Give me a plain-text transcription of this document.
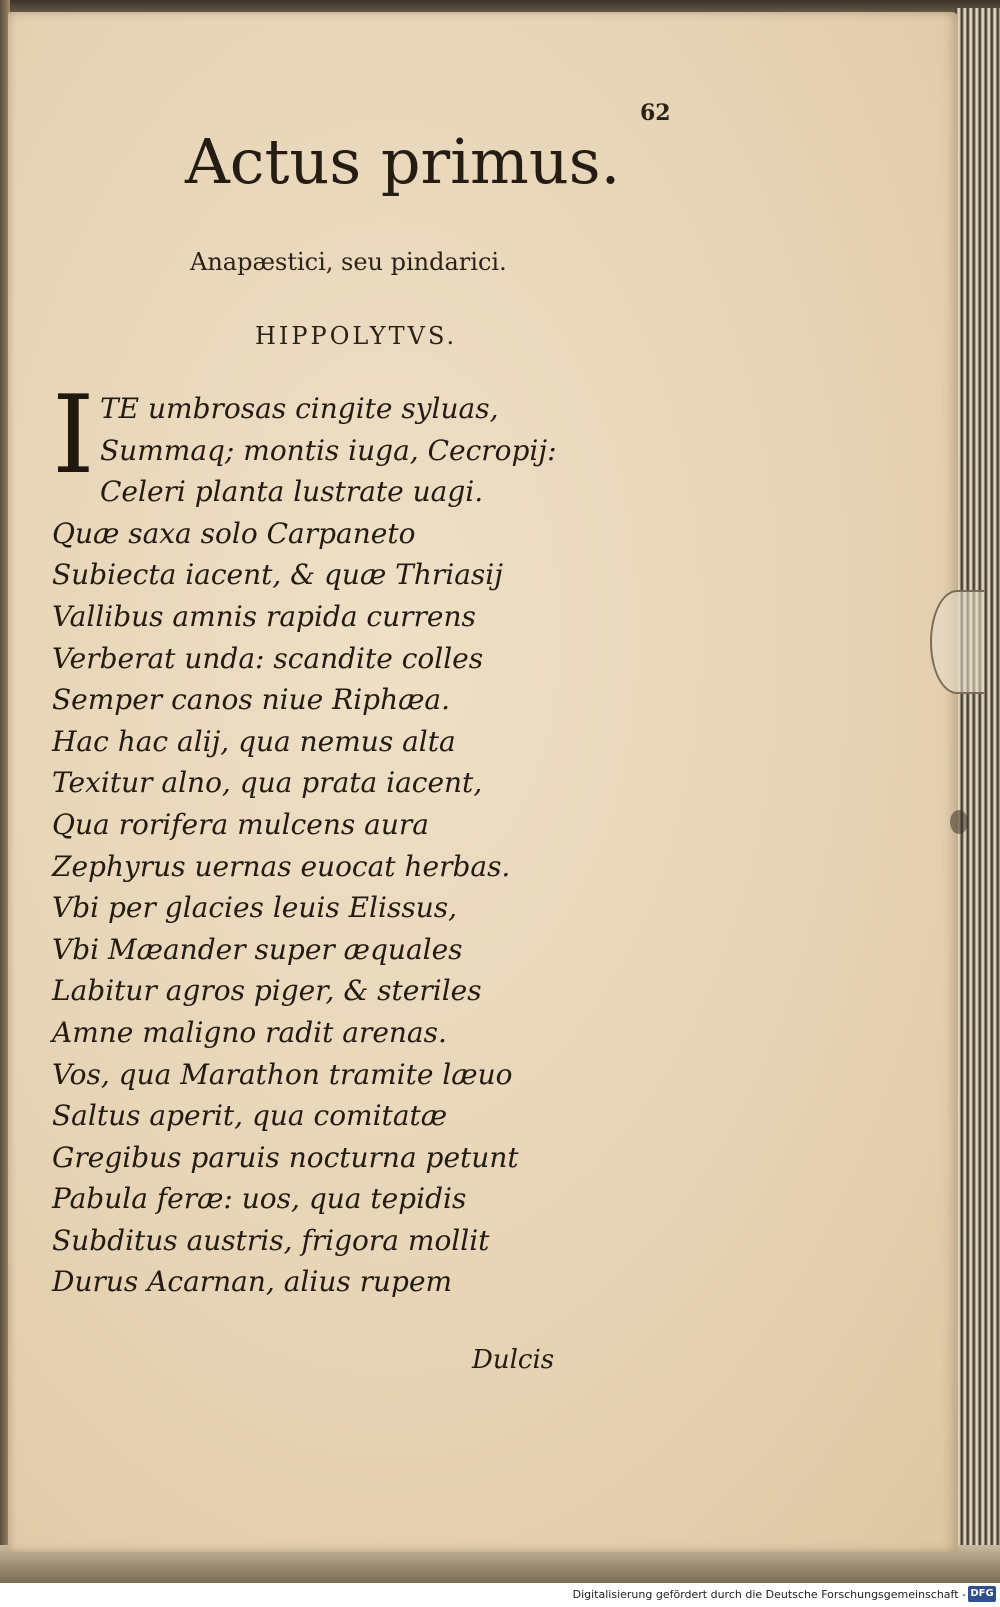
62
Actus primus.
Anapæstici, seu pindarici.
HIPPOLYTVS.
I TE umbrosas cingite syluas,
Summaq; montis iuga, Cecropij:
Celeri planta lustrate uagi.
Quæ saxa solo Carpaneto
Subiecta iacent, & quæ Thriasij
Vallibus amnis rapida currens
Verberat unda: scandite colles
Semper canos niue Riphæa.
Hac hac alij, qua nemus alta
Texitur alno, qua prata iacent,
Qua rorifera mulcens aura
Zephyrus uernas euocat herbas.
Vbi per glacies leuis Elissus,
Vbi Mæander super æquales
Labitur agros piger, & steriles
Amne maligno radit arenas.
Vos, qua Marathon tramite læuo
Saltus aperit, qua comitatæ
Gregibus paruis nocturna petunt
Pabula feræ: uos, qua tepidis
Subditus austris, frigora mollit
Durus Acarnan, alius rupem
Dulcis
Digitalisierung gefördert durch die Deutsche Forschungsgemeinschaft - DFG
